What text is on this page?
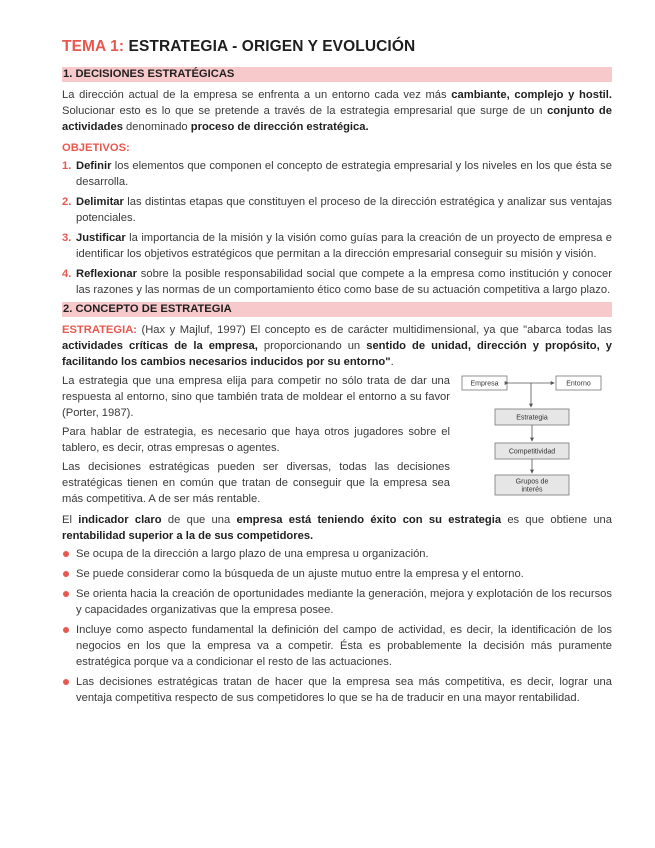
TEMA 1: ESTRATEGIA - ORIGEN Y EVOLUCIÓN
1. DECISIONES ESTRATÉGICAS

La dirección actual de la empresa se enfrenta a un entorno cada vez más cambiante, complejo y hostil. Solucionar esto es lo que se pretende a través de la estrategia empresarial que surge de un conjunto de actividades denominado proceso de dirección estratégica.

OBJETIVOS:
1. Definir los elementos que componen el concepto de estrategia empresarial y los niveles en los que ésta se desarrolla.
2. Delimitar las distintas etapas que constituyen el proceso de la dirección estratégica y analizar sus ventajas potenciales.
3. Justificar la importancia de la misión y la visión como guías para la creación de un proyecto de empresa e identificar los objetivos estratégicos que permitan a la dirección empresarial conseguir su misión y visión.
4. Reflexionar sobre la posible responsabilidad social que compete a la empresa como institución y conocer las razones y las normas de un comportamiento ético como base de su actuación competitiva a largo plazo.
2. CONCEPTO DE ESTRATEGIA

ESTRATEGIA: (Hax y Majluf, 1997) El concepto es de carácter multidimensional, ya que "abarca todas las actividades críticas de la empresa, proporcionando un sentido de unidad, dirección y propósito, y facilitando los cambios necesarios inducidos por su entorno".

La estrategia que una empresa elija para competir no sólo trata de dar una respuesta al entorno, sino que también trata de moldear el entorno a su favor (Porter, 1987).

Para hablar de estrategia, es necesario que haya otros jugadores sobre el tablero, es decir, otras empresas o agentes.

Las decisiones estratégicas pueden ser diversas, todas las decisiones estratégicas tienen en común que tratan de conseguir que la empresa sea más competitiva. A de ser más rentable.

Empresa	Entorno
Estrategia
Competitividad
Grupos de
interés

El indicador claro de que una empresa está teniendo éxito con su estrategia es que obtiene una rentabilidad superior a la de sus competidores.

Se ocupa de la dirección a largo plazo de una empresa u organización.
Se puede considerar como la búsqueda de un ajuste mutuo entre la empresa y el entorno.
Se orienta hacia la creación de oportunidades mediante la generación, mejora y explotación de los recursos y capacidades organizativas que la empresa posee.
Incluye como aspecto fundamental la definición del campo de actividad, es decir, la identificación de los negocios en los que la empresa va a competir. Ésta es probablemente la decisión más puramente estratégica porque va a condicionar el resto de las actuaciones.
Las decisiones estratégicas tratan de hacer que la empresa sea más competitiva, es decir, lograr una ventaja competitiva respecto de sus competidores lo que se ha de traducir en una mayor rentabilidad.
